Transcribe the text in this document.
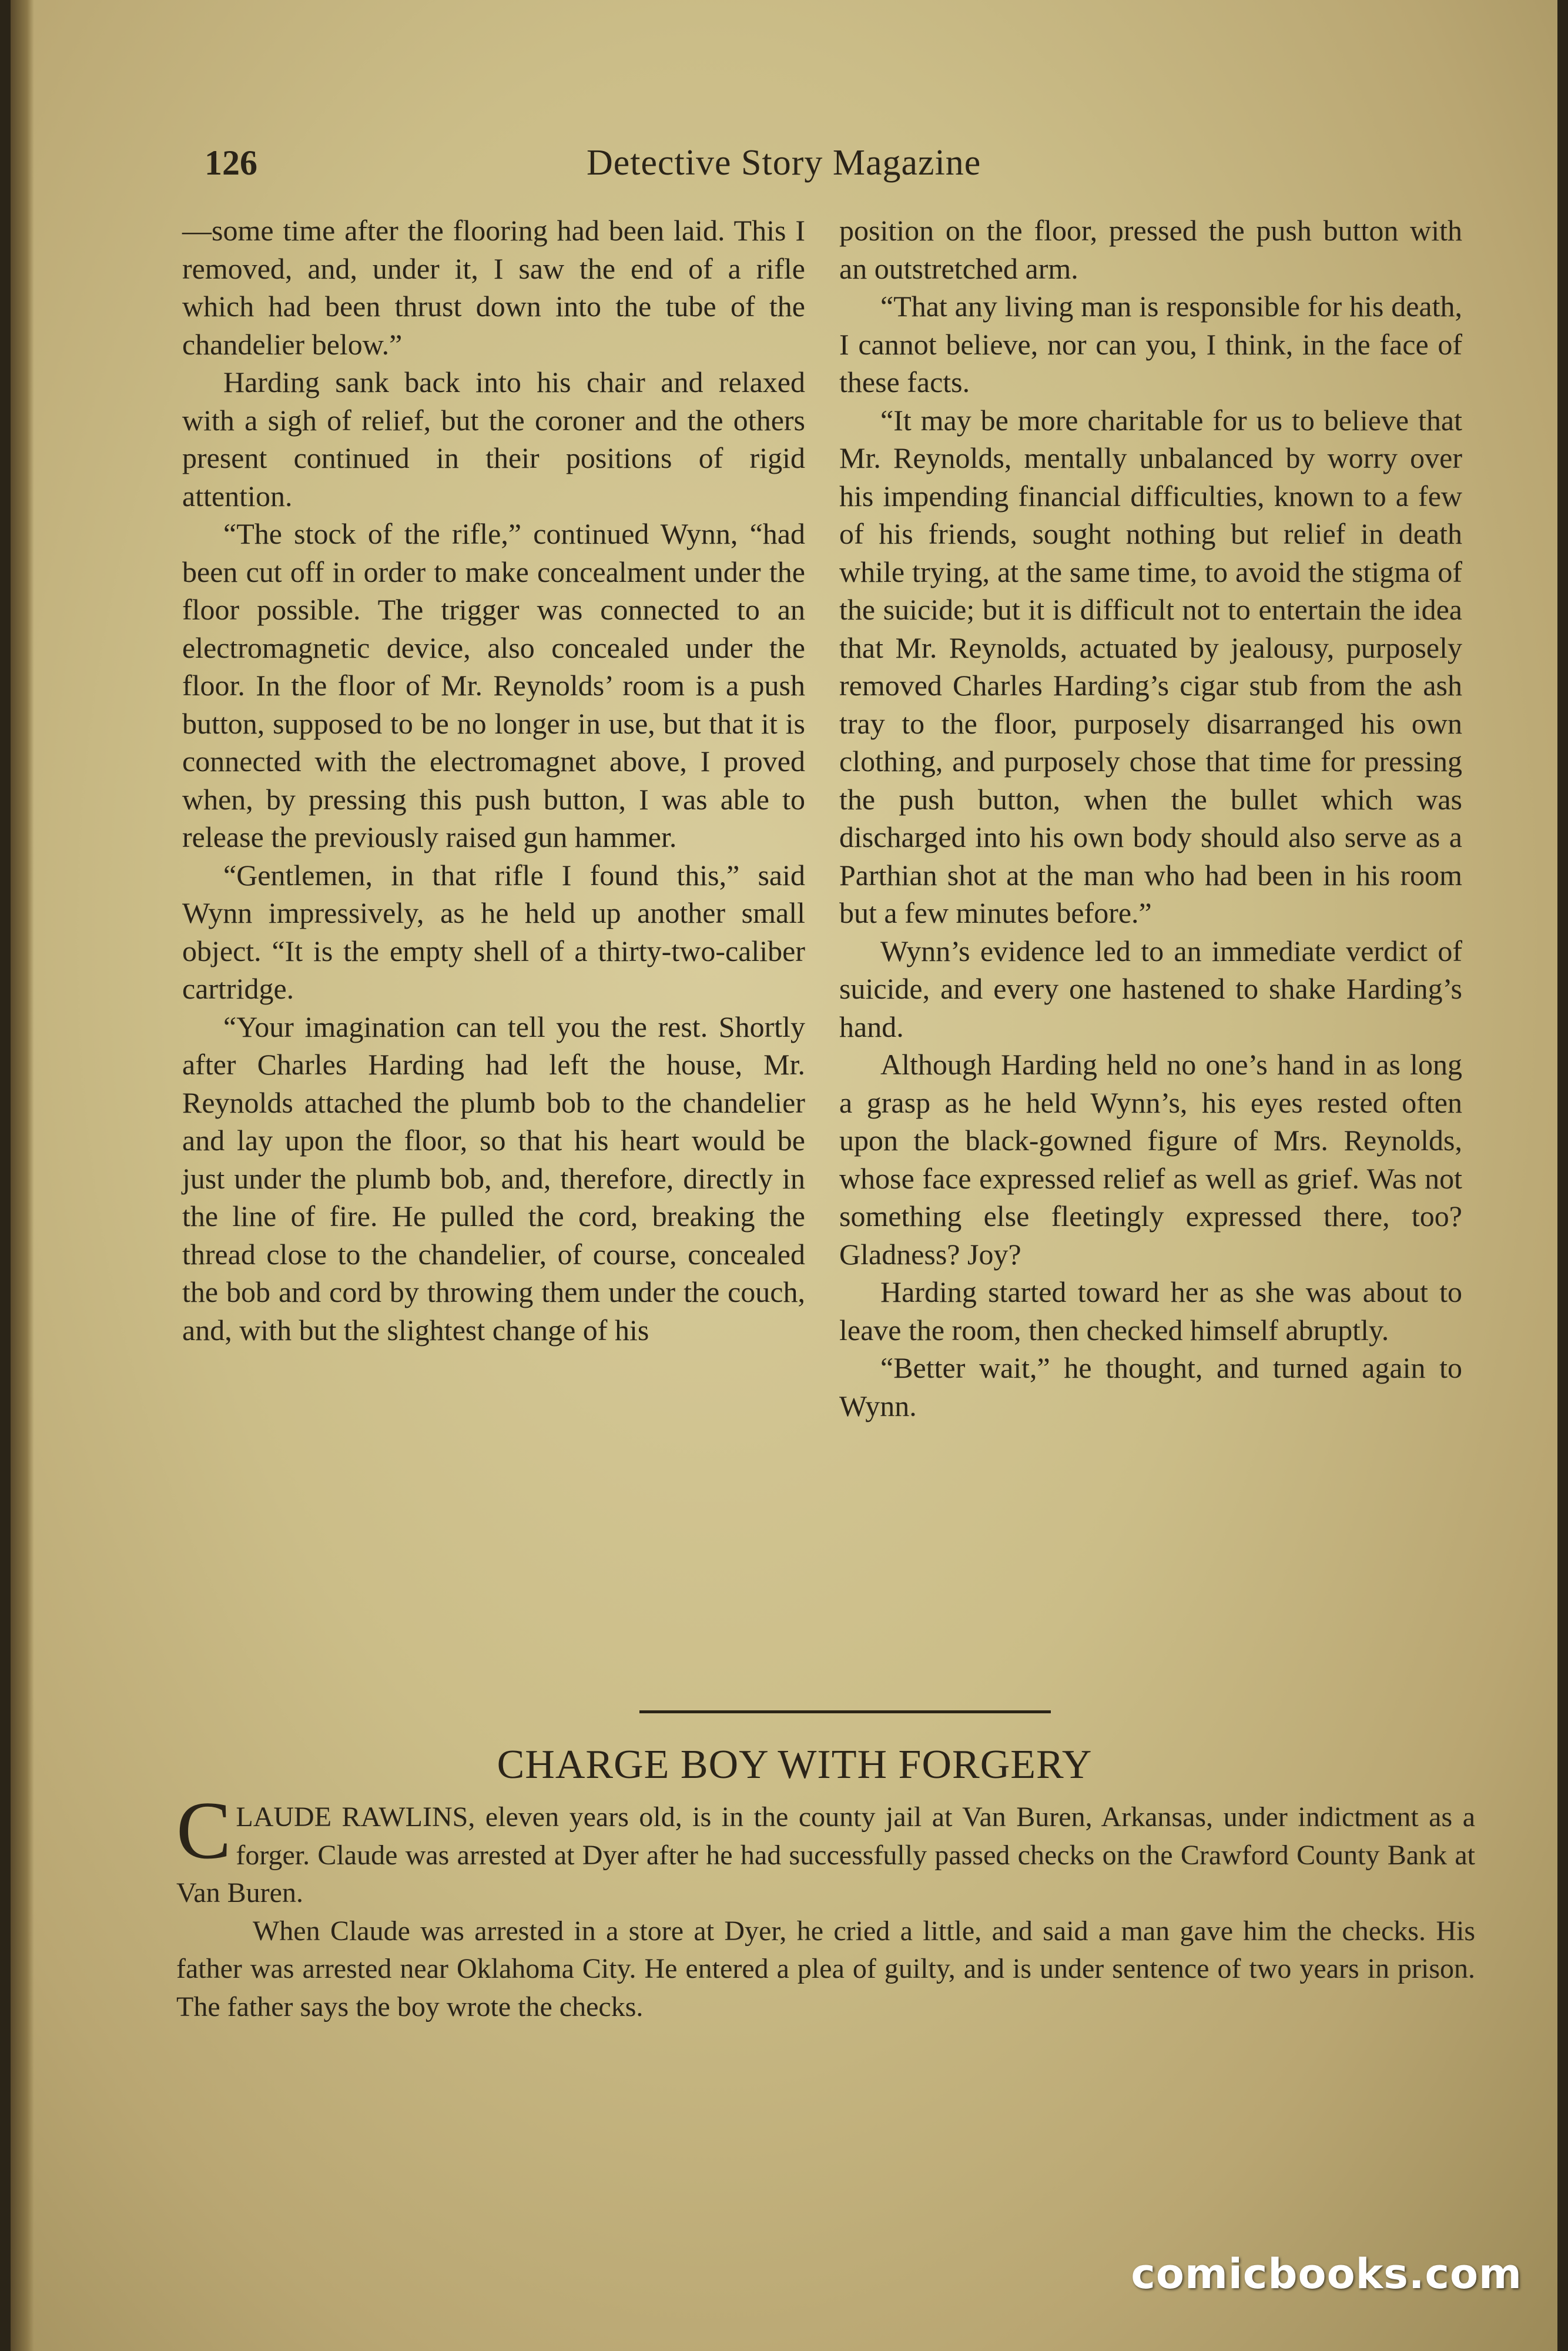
126	Detective Story Magazine

—some time after the flooring had been laid. This I removed, and, under it, I saw the end of a rifle which had been thrust down into the tube of the chandelier below.”

Harding sank back into his chair and relaxed with a sigh of relief, but the coroner and the others present continued in their positions of rigid attention.

“The stock of the rifle,” continued Wynn, “had been cut off in order to make concealment under the floor possible. The trigger was connected to an electromagnetic device, also concealed under the floor. In the floor of Mr. Reynolds’ room is a push button, supposed to be no longer in use, but that it is connected with the electromagnet above, I proved when, by pressing this push button, I was able to release the previously raised gun hammer.

“Gentlemen, in that rifle I found this,” said Wynn impressively, as he held up another small object. “It is the empty shell of a thirty-two-caliber cartridge.

“Your imagination can tell you the rest. Shortly after Charles Harding had left the house, Mr. Reynolds attached the plumb bob to the chandelier and lay upon the floor, so that his heart would be just under the plumb bob, and, therefore, directly in the line of fire. He pulled the cord, breaking the thread close to the chandelier, of course, concealed the bob and cord by throwing them under the couch, and, with but the slightest change of his

position on the floor, pressed the push button with an outstretched arm.

“That any living man is responsible for his death, I cannot believe, nor can you, I think, in the face of these facts.

“It may be more charitable for us to believe that Mr. Reynolds, mentally unbalanced by worry over his impending financial difficulties, known to a few of his friends, sought nothing but relief in death while trying, at the same time, to avoid the stigma of the suicide; but it is difficult not to entertain the idea that Mr. Reynolds, actuated by jealousy, purposely removed Charles Harding’s cigar stub from the ash tray to the floor, purposely disarranged his own clothing, and purposely chose that time for pressing the push button, when the bullet which was discharged into his own body should also serve as a Parthian shot at the man who had been in his room but a few minutes before.”

Wynn’s evidence led to an immediate verdict of suicide, and every one hastened to shake Harding’s hand.

Although Harding held no one’s hand in as long a grasp as he held Wynn’s, his eyes rested often upon the black-gowned figure of Mrs. Reynolds, whose face expressed relief as well as grief. Was not something else fleetingly expressed there, too? Gladness? Joy?

Harding started toward her as she was about to leave the room, then checked himself abruptly.

“Better wait,” he thought, and turned again to Wynn.

CHARGE BOY WITH FORGERY

CLAUDE RAWLINS, eleven years old, is in the county jail at Van Buren, Arkansas, under indictment as a forger. Claude was arrested at Dyer after he had successfully passed checks on the Crawford County Bank at Van Buren.

When Claude was arrested in a store at Dyer, he cried a little, and said a man gave him the checks. His father was arrested near Oklahoma City. He entered a plea of guilty, and is under sentence of two years in prison. The father says the boy wrote the checks.

comicbooks.com
